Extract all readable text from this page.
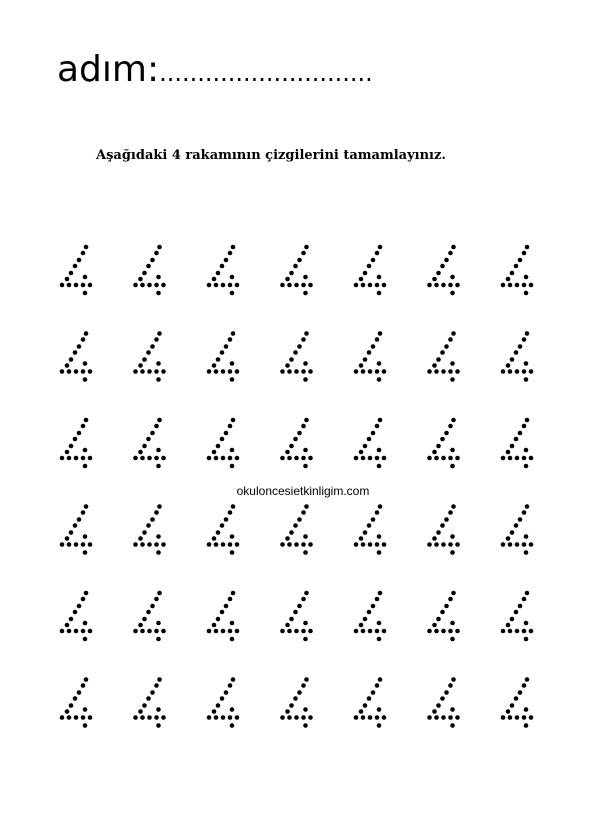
adım:............................
Aşağıdaki 4 rakamının çizgilerini tamamlayınız.
okuloncesietkinligim.com
